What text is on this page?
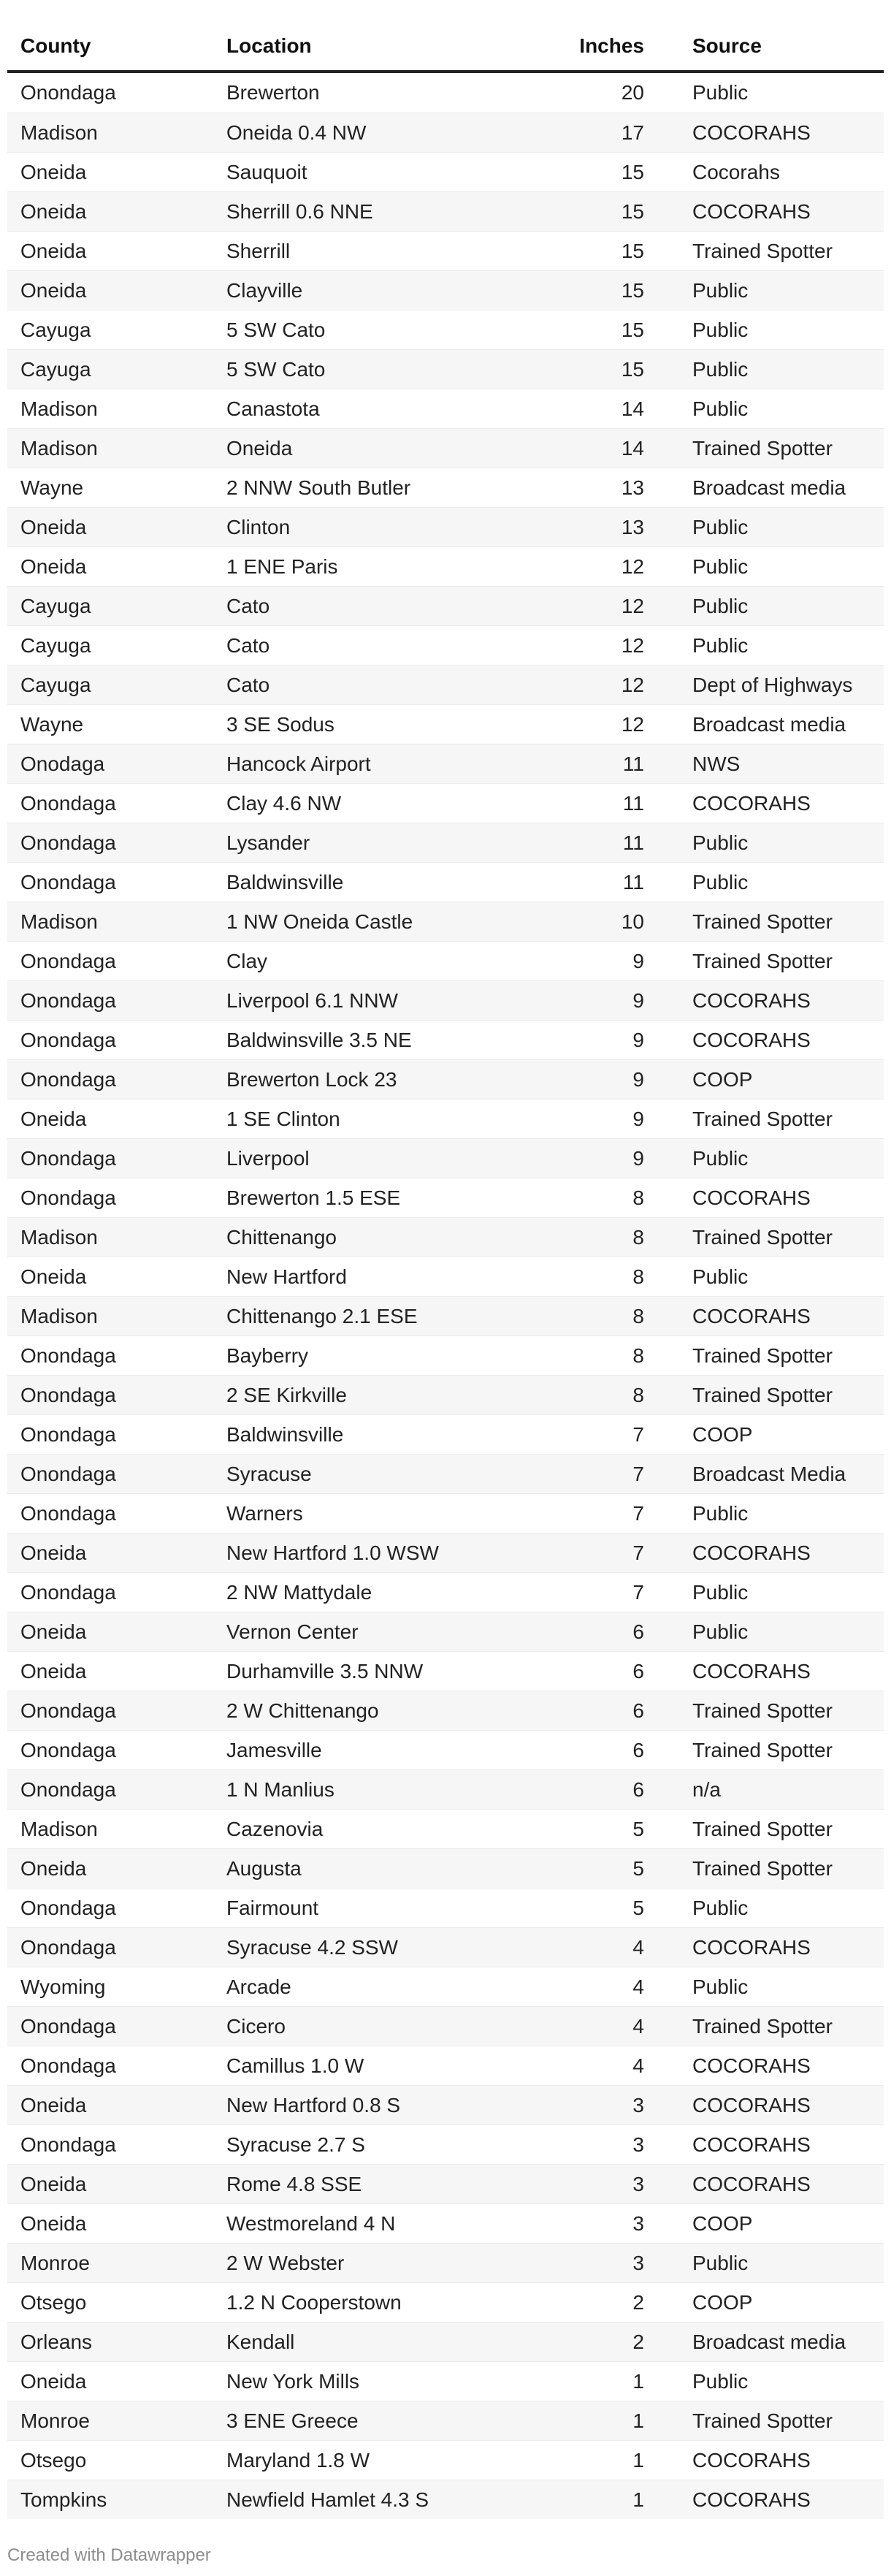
County	Location	Inches	Source
Onondaga	Brewerton	20	Public
Madison	Oneida 0.4 NW	17	COCORAHS
Oneida	Sauquoit	15	Cocorahs
Oneida	Sherrill 0.6 NNE	15	COCORAHS
Oneida	Sherrill	15	Trained Spotter
Oneida	Clayville	15	Public
Cayuga	5 SW Cato	15	Public
Cayuga	5 SW Cato	15	Public
Madison	Canastota	14	Public
Madison	Oneida	14	Trained Spotter
Wayne	2 NNW South Butler	13	Broadcast media
Oneida	Clinton	13	Public
Oneida	1 ENE Paris	12	Public
Cayuga	Cato	12	Public
Cayuga	Cato	12	Public
Cayuga	Cato	12	Dept of Highways
Wayne	3 SE Sodus	12	Broadcast media
Onodaga	Hancock Airport	11	NWS
Onondaga	Clay 4.6 NW	11	COCORAHS
Onondaga	Lysander	11	Public
Onondaga	Baldwinsville	11	Public
Madison	1 NW Oneida Castle	10	Trained Spotter
Onondaga	Clay	9	Trained Spotter
Onondaga	Liverpool 6.1 NNW	9	COCORAHS
Onondaga	Baldwinsville 3.5 NE	9	COCORAHS
Onondaga	Brewerton Lock 23	9	COOP
Oneida	1 SE Clinton	9	Trained Spotter
Onondaga	Liverpool	9	Public
Onondaga	Brewerton 1.5 ESE	8	COCORAHS
Madison	Chittenango	8	Trained Spotter
Oneida	New Hartford	8	Public
Madison	Chittenango 2.1 ESE	8	COCORAHS
Onondaga	Bayberry	8	Trained Spotter
Onondaga	2 SE Kirkville	8	Trained Spotter
Onondaga	Baldwinsville	7	COOP
Onondaga	Syracuse	7	Broadcast Media
Onondaga	Warners	7	Public
Oneida	New Hartford 1.0 WSW	7	COCORAHS
Onondaga	2 NW Mattydale	7	Public
Oneida	Vernon Center	6	Public
Oneida	Durhamville 3.5 NNW	6	COCORAHS
Onondaga	2 W Chittenango	6	Trained Spotter
Onondaga	Jamesville	6	Trained Spotter
Onondaga	1 N Manlius	6	n/a
Madison	Cazenovia	5	Trained Spotter
Oneida	Augusta	5	Trained Spotter
Onondaga	Fairmount	5	Public
Onondaga	Syracuse 4.2 SSW	4	COCORAHS
Wyoming	Arcade	4	Public
Onondaga	Cicero	4	Trained Spotter
Onondaga	Camillus 1.0 W	4	COCORAHS
Oneida	New Hartford 0.8 S	3	COCORAHS
Onondaga	Syracuse 2.7 S	3	COCORAHS
Oneida	Rome 4.8 SSE	3	COCORAHS
Oneida	Westmoreland 4 N	3	COOP
Monroe	2 W Webster	3	Public
Otsego	1.2 N Cooperstown	2	COOP
Orleans	Kendall	2	Broadcast media
Oneida	New York Mills	1	Public
Monroe	3 ENE Greece	1	Trained Spotter
Otsego	Maryland 1.8 W	1	COCORAHS
Tompkins	Newfield Hamlet 4.3 S	1	COCORAHS
Created with Datawrapper
